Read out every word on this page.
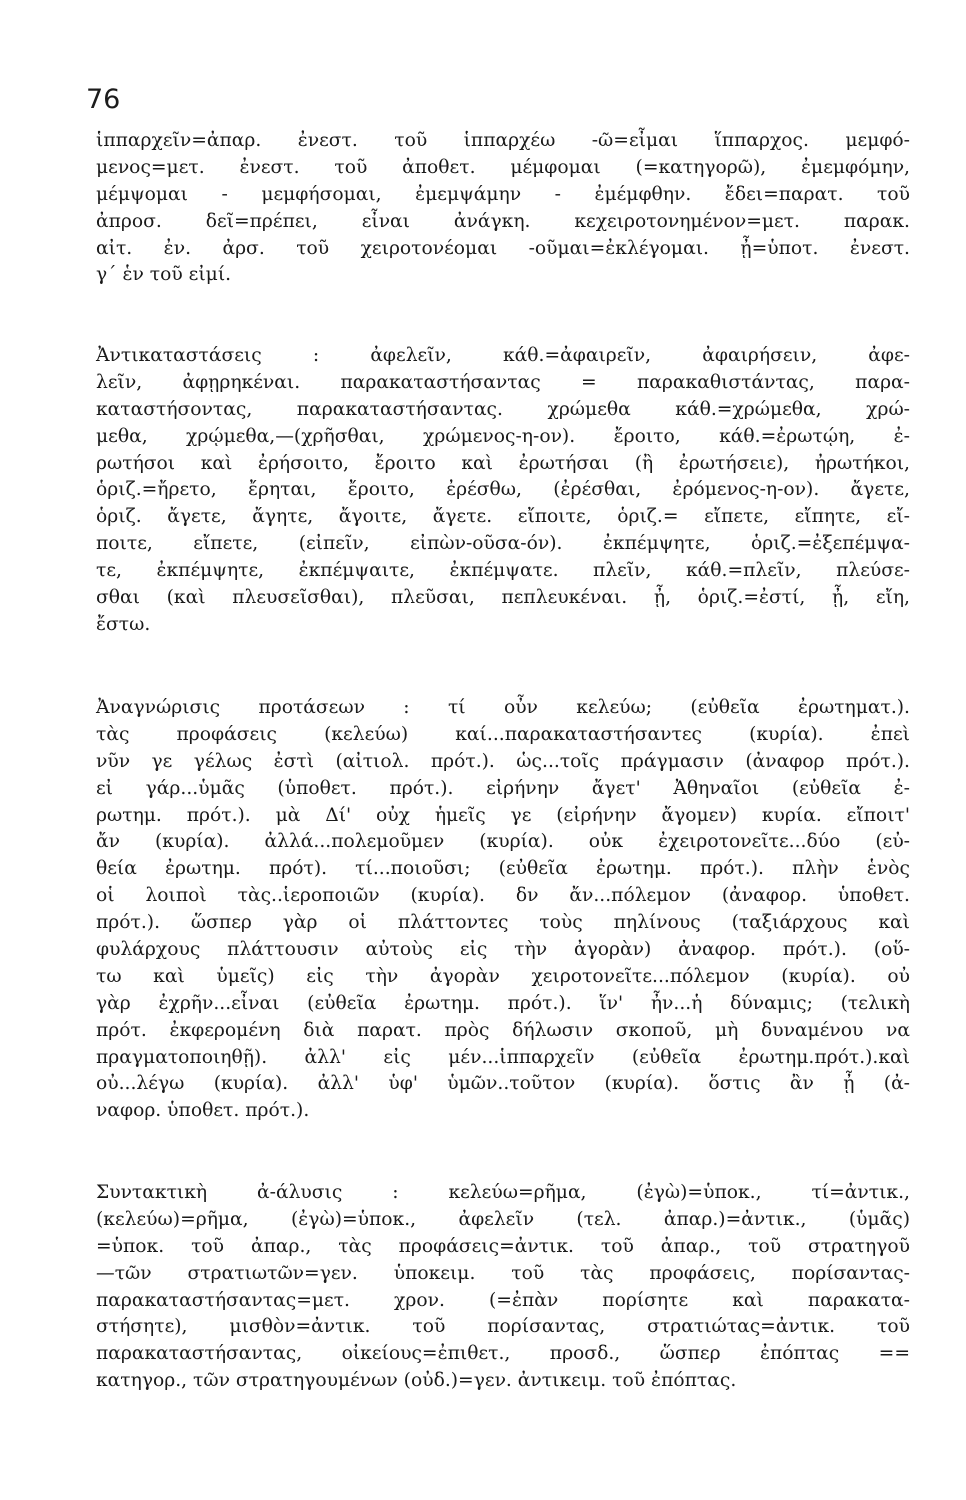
76
ἱππαρχεῖν=ἀπαρ. ἐνεστ. τοῦ ἱππαρχέω -ῶ=εἶμαι ἵππαρχος. μεμφό-
μενος=μετ. ἐνεστ. τοῦ ἀποθετ. μέμφομαι (=κατηγορῶ), ἐμεμφόμην,
μέμψομαι - μεμφήσομαι, ἐμεμψάμην - ἐμέμφθην. ἔδει=παρατ. τοῦ
ἀπροσ. δεῖ=πρέπει, εἶναι ἀνάγκη. κεχειροτονημένον=μετ. παρακ.
αἰτ. ἐν. ἀρσ. τοῦ χειροτονέομαι -οῦμαι=ἐκλέγομαι. ᾖ=ὑποτ. ἐνεστ.
γ΄ ἑν τοῦ εἰμί.
Ἀντικαταστάσεις : ἀφελεῖν, κάθ.=ἀφαιρεῖν, ἀφαιρήσειν, ἀφε-
λεῖν, ἀφῃρηκέναι. παρακαταστήσαντας = παρακαθιστάντας, παρα-
καταστήσοντας, παρακαταστήσαντας. χρώμεθα κάθ.=χρώμεθα, χρώ-
μεθα, χρῴμεθα,—(χρῆσθαι, χρώμενος-η-ον). ἔροιτο, κάθ.=ἐρωτῴη, ἐ-
ρωτήσοι καὶ ἐρήσοιτο, ἔροιτο καὶ ἐρωτήσαι (ἢ ἐρωτήσειε), ἠρωτήκοι,
ὁριζ.=ἤρετο, ἔρηται, ἔροιτο, ἐρέσθω, (ἐρέσθαι, ἐρόμενος-η-ον). ἄγετε,
ὁριζ. ἄγετε, ἄγητε, ἄγοιτε, ἄγετε. εἴποιτε, ὁριζ.= εἴπετε, εἴπητε, εἴ-
ποιτε, εἴπετε, (εἰπεῖν, εἰπὼν-οῦσα-όν). ἐκπέμψητε, ὁριζ.=ἐξεπέμψα-
τε, ἐκπέμψητε, ἐκπέμψαιτε, ἐκπέμψατε. πλεῖν, κάθ.=πλεῖν, πλεύσε-
σθαι (καὶ πλευσεῖσθαι), πλεῦσαι, πεπλευκέναι. ᾖ, ὁριζ.=ἐστί, ᾖ, εἴη,
ἔστω.
Ἀναγνώρισις προτάσεων : τί οὖν κελεύω; (εὐθεῖα ἐρωτηματ.).
τὰς προφάσεις (κελεύω) καί...παρακαταστήσαντες (κυρία). ἐπεὶ
νῦν γε γέλως ἐστὶ (αἰτιολ. πρότ.). ὡς...τοῖς πράγμασιν (ἀναφορ πρότ.).
εἰ γάρ...ὑμᾶς (ὑποθετ. πρότ.). εἰρήνην ἄγετ' Ἀθηναῖοι (εὐθεῖα ἐ-
ρωτημ. πρότ.). μὰ Δί' οὐχ ἡμεῖς γε (εἰρήνην ἄγομεν) κυρία. εἴποιτ'
ἄν (κυρία). ἀλλά...πολεμοῦμεν (κυρία). οὐκ ἐχειροτονεῖτε...δύο (εὐ-
θεία ἐρωτημ. πρότ). τί...ποιοῦσι; (εὐθεῖα ἐρωτημ. πρότ.). πλὴν ἑνὸς
οἱ λοιποὶ τὰς..ἱεροποιῶν (κυρία). δν ἄν...πόλεμον (ἀναφορ. ὑποθετ.
πρότ.). ὥσπερ γὰρ οἱ πλάττοντες τοὺς πηλίνους (ταξιάρχους καὶ
φυλάρχους πλάττουσιν αὐτοὺς εἰς τὴν ἀγορὰν) ἀναφορ. πρότ.). (οὕ-
τω καὶ ὑμεῖς) εἰς τὴν ἀγορὰν χειροτονεῖτε...πόλεμον (κυρία). οὐ
γὰρ ἐχρῆν...εἶναι (εὐθεῖα ἐρωτημ. πρότ.). ἵν' ἦν...ἡ δύναμις; (τελικὴ
πρότ. ἐκφερομένη διὰ παρατ. πρὸς δήλωσιν σκοποῦ, μὴ δυναμένου να
πραγματοποιηθῇ). ἀλλ' εἰς μέν...ἱππαρχεῖν (εὐθεῖα ἐρωτημ.πρότ.).καὶ
οὐ...λέγω (κυρία). ἀλλ' ὑφ' ὑμῶν..τοῦτον (κυρία). ὅστις ἂν ᾖ (ἀ-
ναφορ. ὑποθετ. πρότ.).
Συντακτικὴ ἀ-άλυσις : κελεύω=ρῆμα, (ἐγὼ)=ὑποκ., τί=ἀντικ.,
(κελεύω)=ρῆμα, (ἐγὼ)=ὑποκ., ἀφελεῖν (τελ. ἀπαρ.)=ἀντικ., (ὑμᾶς)
=ὑποκ. τοῦ ἀπαρ., τὰς προφάσεις=ἀντικ. τοῦ ἀπαρ., τοῦ στρατηγοῦ
—τῶν στρατιωτῶν=γεν. ὑποκειμ. τοῦ τὰς προφάσεις, πορίσαντας-
παρακαταστήσαντας=μετ. χρον. (=ἐπὰν πορίσητε καὶ παρακατα-
στήσητε), μισθὸν=ἀντικ. τοῦ πορίσαντας, στρατιώτας=ἀντικ. τοῦ
παρακαταστήσαντας, οἰκείους=ἐπιθετ., προσδ., ὥσπερ ἐπόπτας ==
κατηγορ., τῶν στρατηγουμένων (οὐδ.)=γεν. ἀντικειμ. τοῦ ἐπόπτας.
